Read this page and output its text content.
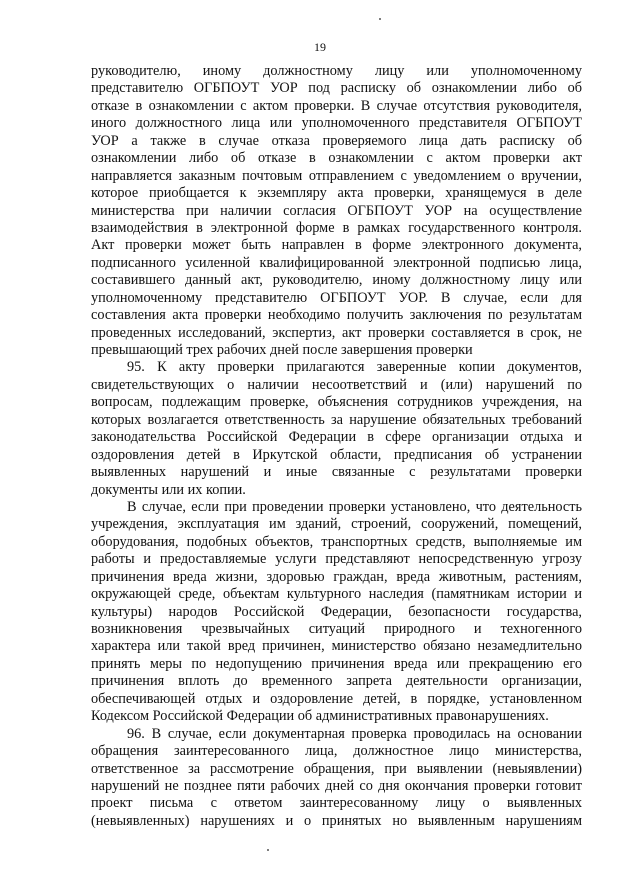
19
руководителю, иному должностному лицу или уполномоченному
представителю ОГБПОУТ УОР под расписку об ознакомлении либо об
отказе в ознакомлении с актом проверки. В случае отсутствия руководителя,
иного должностного лица или уполномоченного представителя ОГБПОУТ
УОР а также в случае отказа проверяемого лица дать расписку об
ознакомлении либо об отказе в ознакомлении с актом проверки акт
направляется заказным почтовым отправлением с уведомлением о вручении,
которое приобщается к экземпляру акта проверки, хранящемуся в деле
министерства при наличии согласия ОГБПОУТ УОР на осуществление
взаимодействия в электронной форме в рамках государственного контроля.
Акт проверки может быть направлен в форме электронного документа,
подписанного усиленной квалифицированной электронной подписью лица,
составившего данный акт, руководителю, иному должностному лицу или
уполномоченному представителю ОГБПОУТ УОР. В случае, если для
составления акта проверки необходимо получить заключения по результатам
проведенных исследований, экспертиз, акт проверки составляется в срок, не
превышающий трех рабочих дней после завершения проверки
95. К акту проверки прилагаются заверенные копии документов,
свидетельствующих о наличии несоответствий и (или) нарушений по
вопросам, подлежащим проверке, объяснения сотрудников учреждения, на
которых возлагается ответственность за нарушение обязательных требований
законодательства Российской Федерации в сфере организации отдыха и
оздоровления детей в Иркутской области, предписания об устранении
выявленных нарушений и иные связанные с результатами проверки
документы или их копии.
В случае, если при проведении проверки установлено, что деятельность
учреждения, эксплуатация им зданий, строений, сооружений, помещений,
оборудования, подобных объектов, транспортных средств, выполняемые им
работы и предоставляемые услуги представляют непосредственную угрозу
причинения вреда жизни, здоровью граждан, вреда животным, растениям,
окружающей среде, объектам культурного наследия (памятникам истории и
культуры) народов Российской Федерации, безопасности государства,
возникновения чрезвычайных ситуаций природного и техногенного
характера или такой вред причинен, министерство обязано незамедлительно
принять меры по недопущению причинения вреда или прекращению его
причинения вплоть до временного запрета деятельности организации,
обеспечивающей отдых и оздоровление детей, в порядке, установленном
Кодексом Российской Федерации об административных правонарушениях.
96. В случае, если документарная проверка проводилась на основании
обращения заинтересованного лица, должностное лицо министерства,
ответственное за рассмотрение обращения, при выявлении (невыявлении)
нарушений не позднее пяти рабочих дней со дня окончания проверки готовит
проект письма с ответом заинтересованному лицу о выявленных
(невыявленных) нарушениях и о принятых но выявленным нарушениям
